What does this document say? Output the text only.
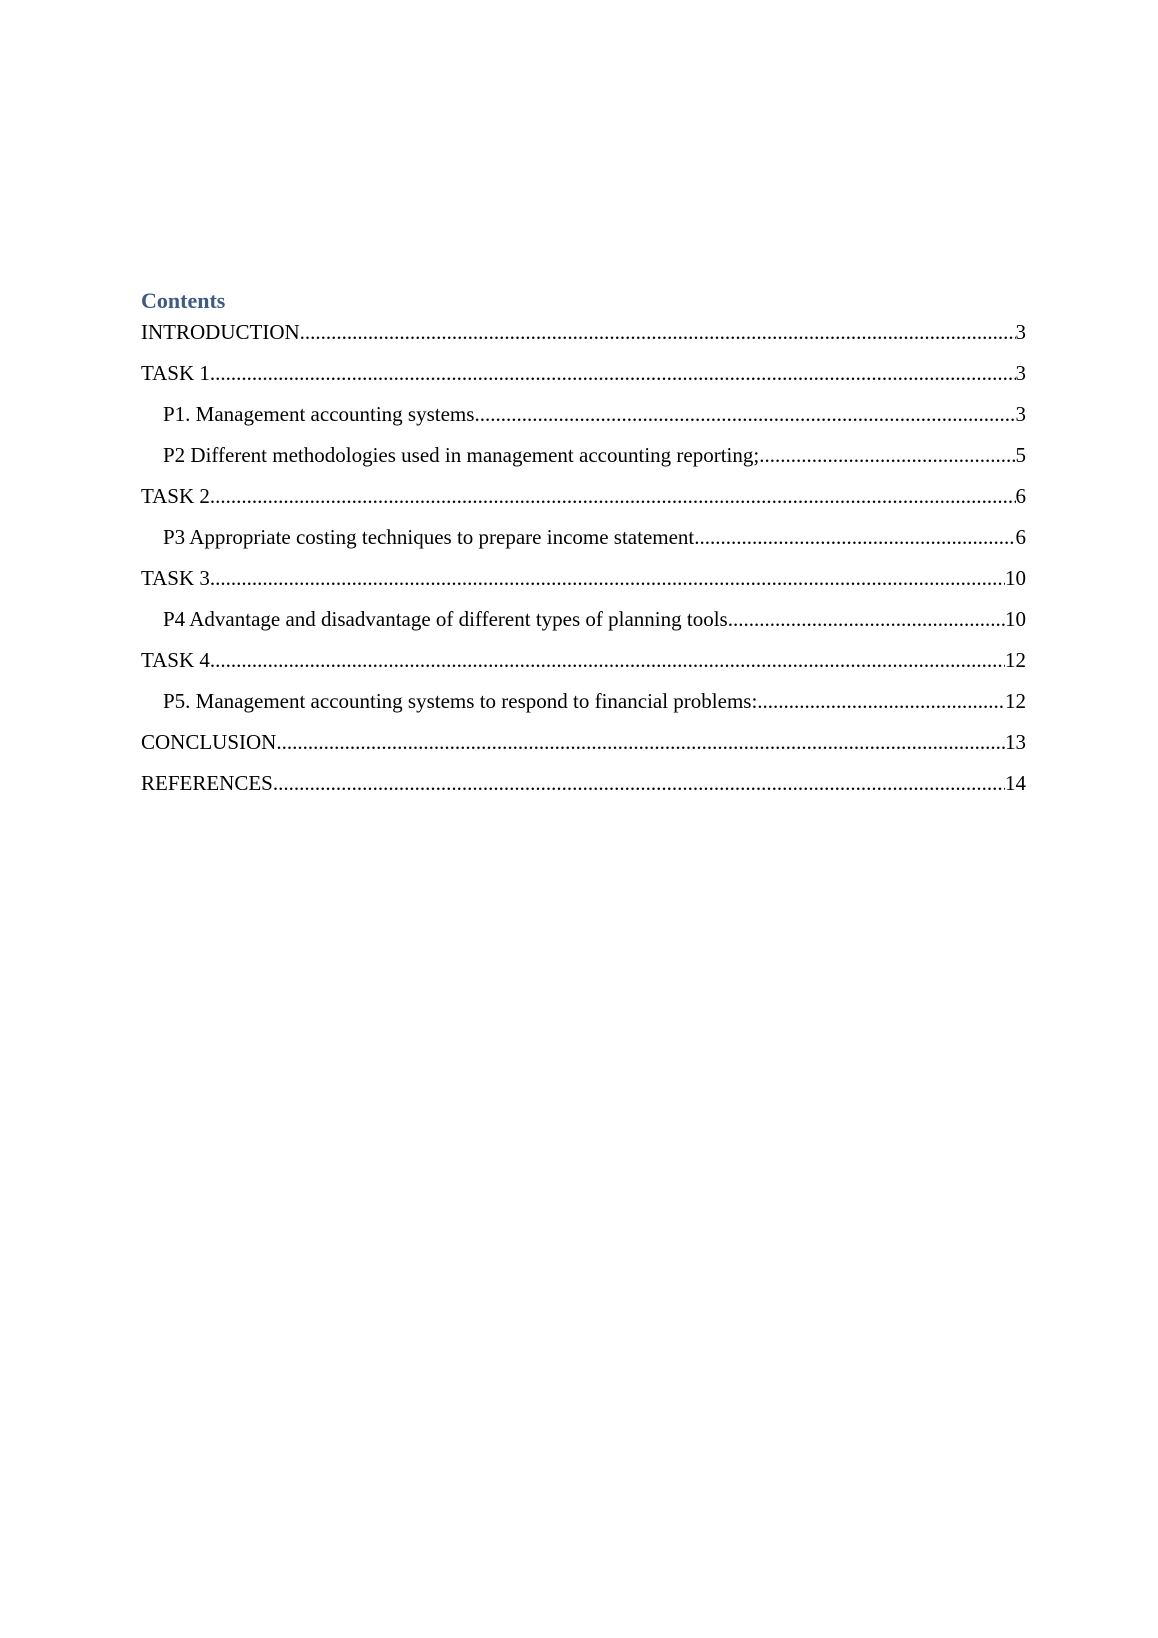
Contents
INTRODUCTION .....	3
TASK 1 .....	3
P1. Management accounting systems .....	3
P2 Different methodologies used in management accounting reporting; .....	5
TASK 2 .....	6
P3 Appropriate costing techniques to prepare income statement .....	6
TASK 3 .....	10
P4 Advantage and disadvantage of different types of planning tools .....	10
TASK 4 .....	12
P5. Management accounting systems to respond to financial problems: .....	12
CONCLUSION .....	13
REFERENCES .....	14
